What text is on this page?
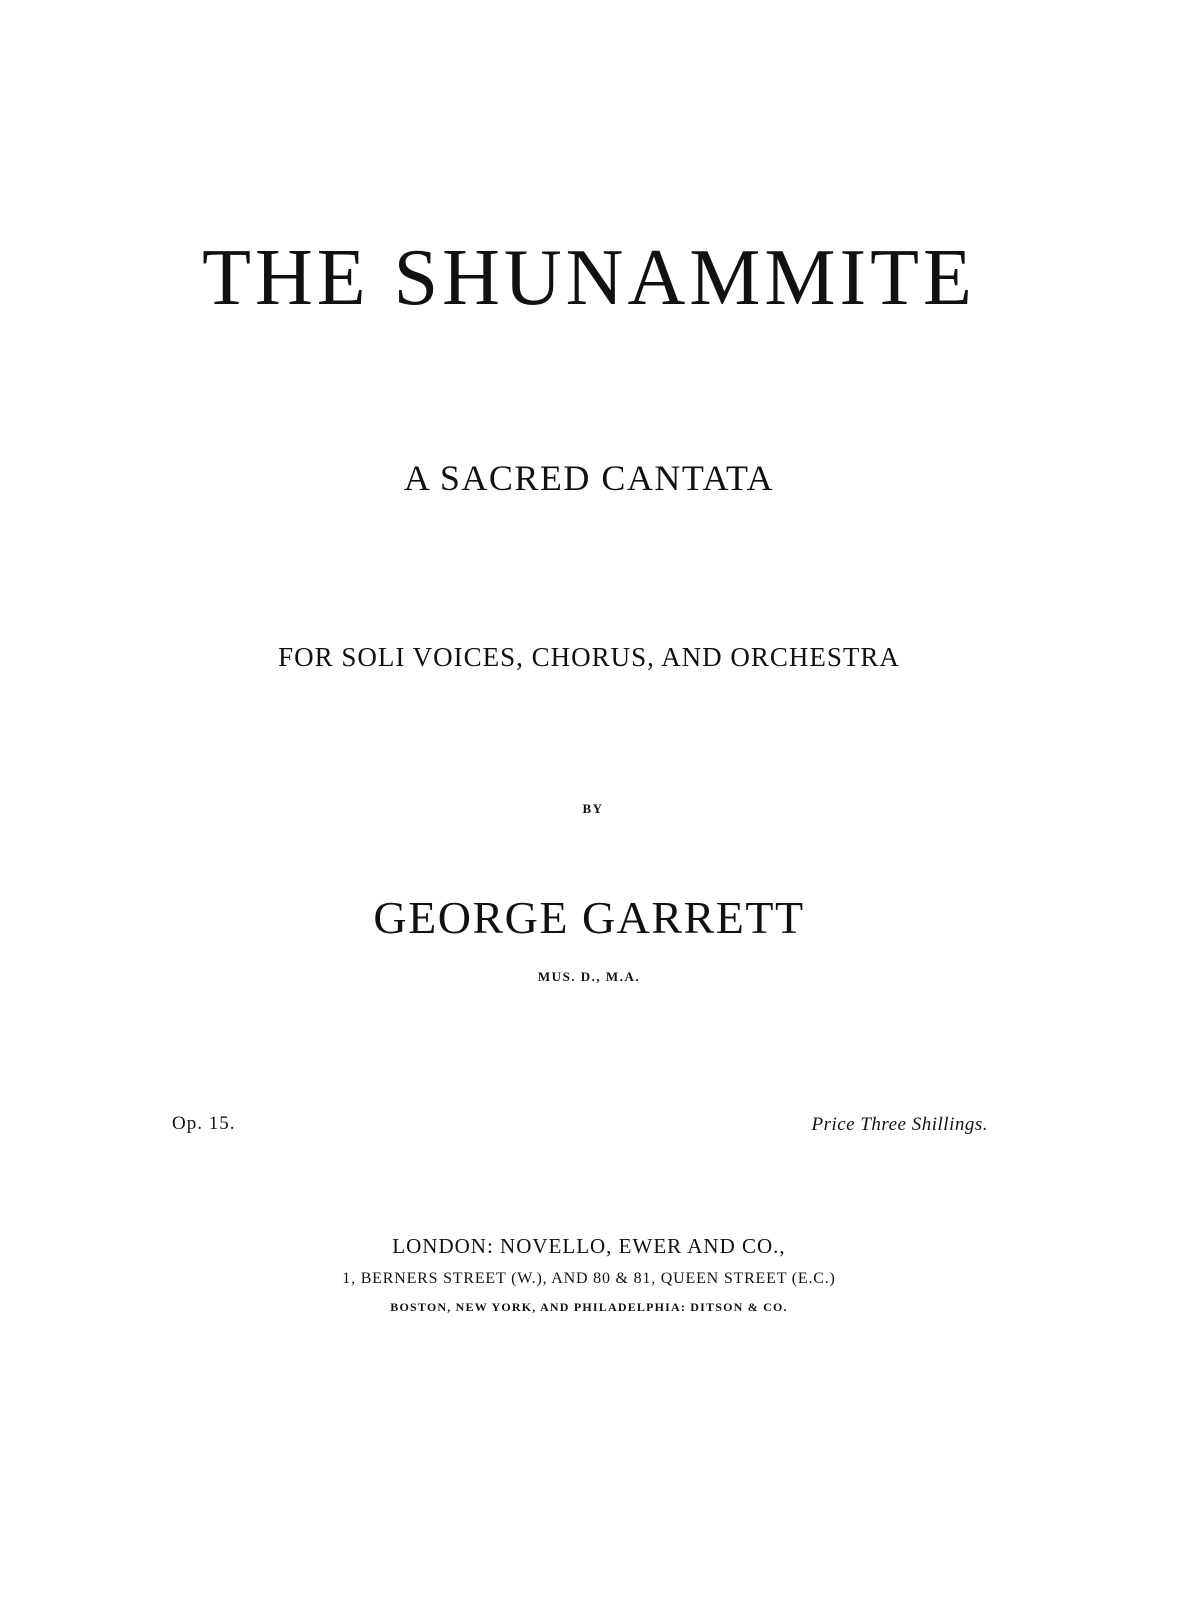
THE SHUNAMMITE

A SACRED CANTATA

FOR SOLI VOICES, CHORUS, AND ORCHESTRA

BY

GEORGE GARRETT

MUS. D., M.A.

Op. 15.	Price Three Shillings.

LONDON: NOVELLO, EWER AND CO.,

1, BERNERS STREET (W.), AND 80 & 81, QUEEN STREET (E.C.)

BOSTON, NEW YORK, AND PHILADELPHIA: DITSON & CO.
